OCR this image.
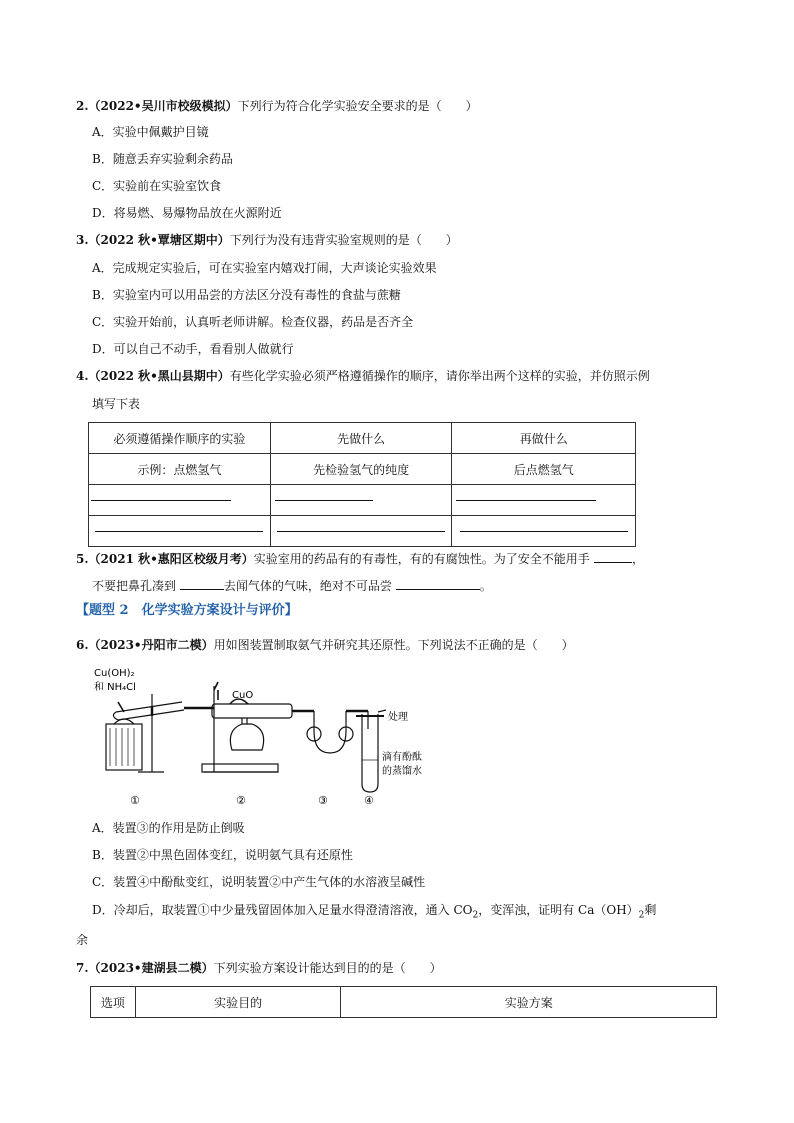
2.（2022•吴川市校级模拟）下列行为符合化学实验安全要求的是（　　）
A．实验中佩戴护目镜
B．随意丢弃实验剩余药品
C．实验前在实验室饮食
D．将易燃、易爆物品放在火源附近
3.（2022 秋•覃塘区期中）下列行为没有违背实验室规则的是（　　）
A．完成规定实验后，可在实验室内嬉戏打闹，大声谈论实验效果
B．实验室内可以用品尝的方法区分没有毒性的食盐与蔗糖
C．实验开始前，认真听老师讲解。检查仪器，药品是否齐全
D．可以自己不动手，看看别人做就行
4.（2022 秋•黑山县期中）有些化学实验必须严格遵循操作的顺序，请你举出两个这样的实验，并仿照示例
填写下表
必须遵循操作顺序的实验	先做什么	再做什么
示例：点燃氢气	先检验氢气的纯度	后点燃氢气

5.（2021 秋•惠阳区校级月考）实验室用的药品有的有毒性，有的有腐蚀性。为了安全不能用手	，
不要把鼻孔凑到	去闻气体的气味，绝对不可品尝	。
【题型 2　化学实验方案设计与评价】
6.（2023•丹阳市二模）用如图装置制取氨气并研究其还原性。下列说法不正确的是（　　）
Cu(OH)₂
和 NH₄Cl
CuO
处理
滴有酚酞
的蒸馏水
①	②	③	④
A．装置③的作用是防止倒吸
B．装置②中黑色固体变红，说明氨气具有还原性
C．装置④中酚酞变红，说明装置②中产生气体的水溶液呈碱性
D．冷却后，取装置①中少量残留固体加入足量水得澄清溶液，通入 $CO_2$，变浑浊，证明有 $Ca(OH)_2$剩
余
7.（2023•建湖县二模）下列实验方案设计能达到目的的是（　　）
选项	实验目的	实验方案
